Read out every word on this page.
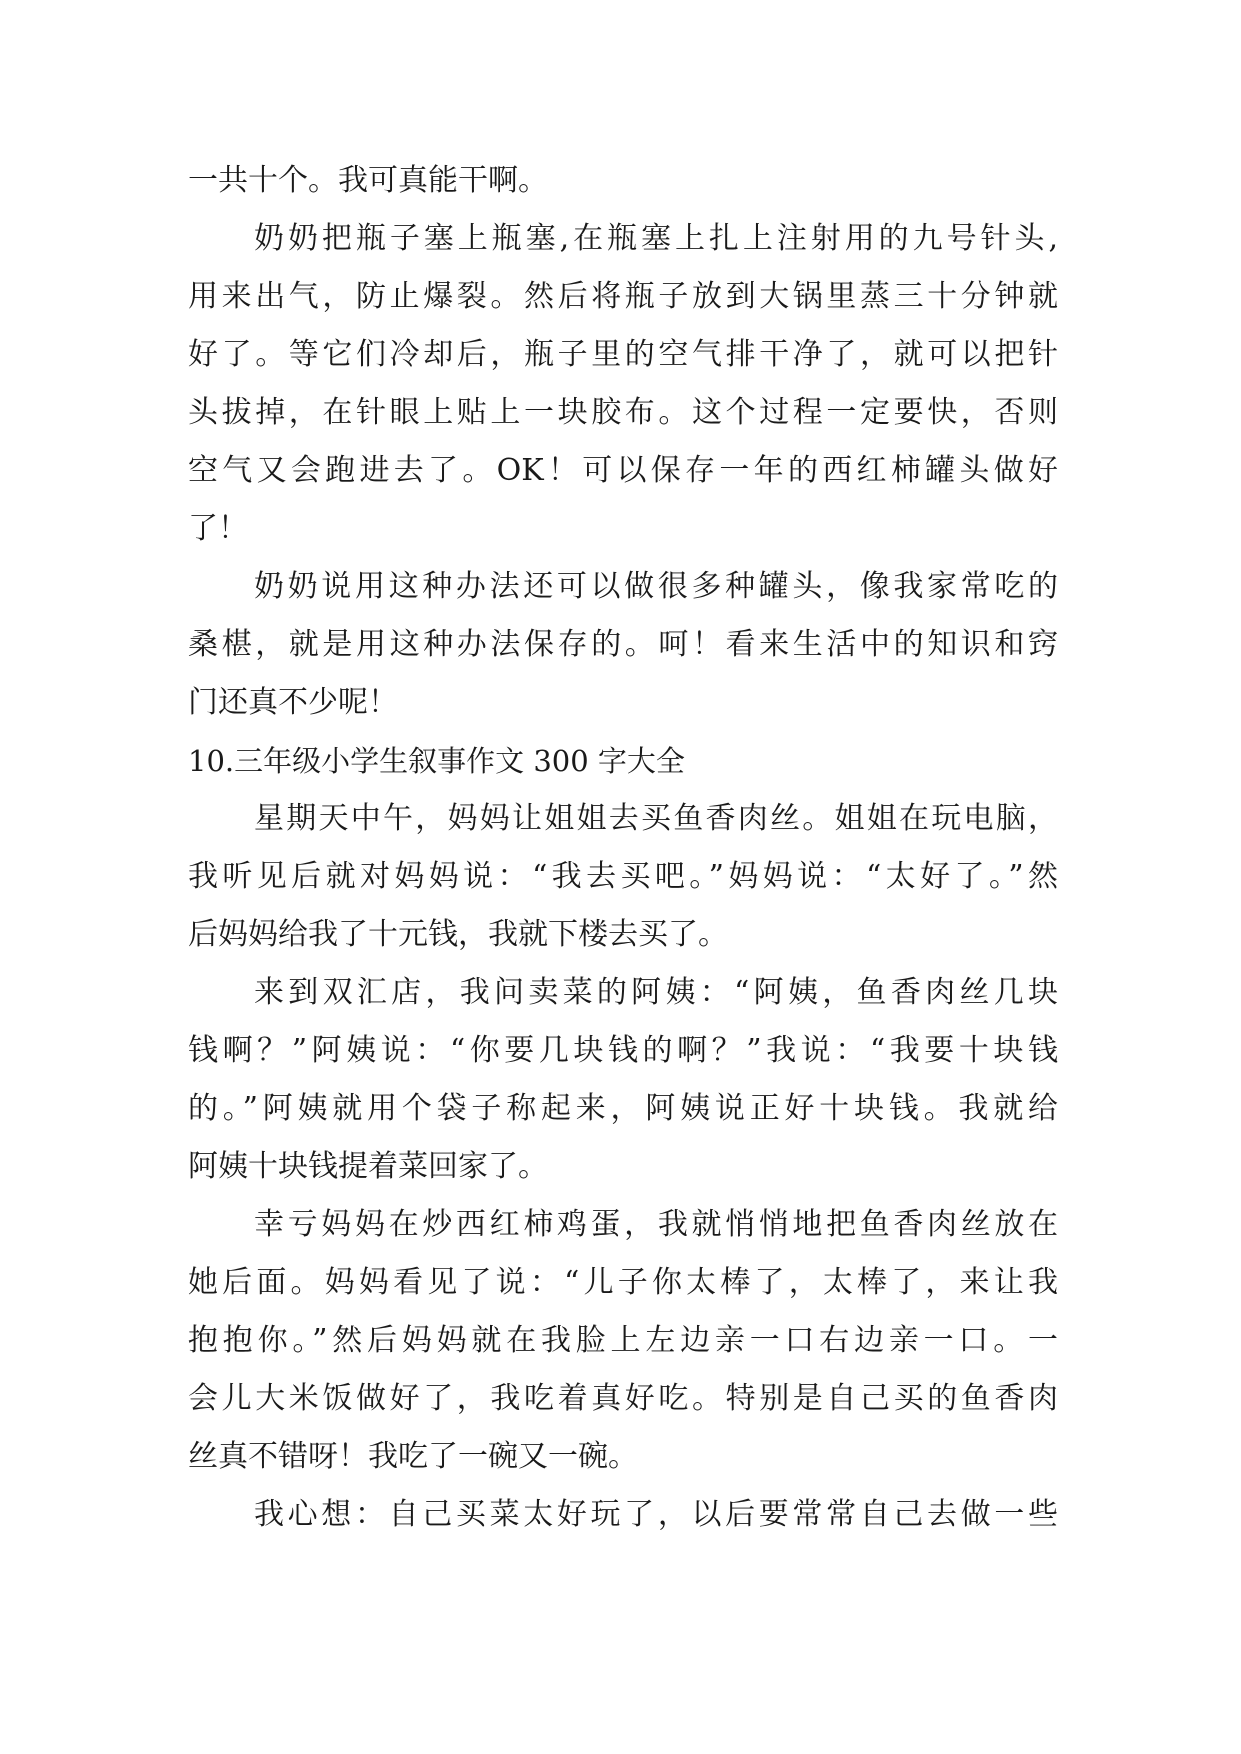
一共十个。我可真能干啊。
奶奶把瓶子塞上瓶塞,在瓶塞上扎上注射用的九号针头,
用来出气，防止爆裂。然后将瓶子放到大锅里蒸三十分钟就
好了。等它们冷却后，瓶子里的空气排干净了，就可以把针
头拔掉，在针眼上贴上一块胶布。这个过程一定要快，否则
空气又会跑进去了。OK！可以保存一年的西红柿罐头做好
了！
奶奶说用这种办法还可以做很多种罐头，像我家常吃的
桑椹，就是用这种办法保存的。呵！看来生活中的知识和窍
门还真不少呢！
10.三年级小学生叙事作文 300 字大全
星期天中午，妈妈让姐姐去买鱼香肉丝。姐姐在玩电脑，
我听见后就对妈妈说：“我去买吧。”妈妈说：“太好了。”然
后妈妈给我了十元钱，我就下楼去买了。
来到双汇店，我问卖菜的阿姨：“阿姨，鱼香肉丝几块
钱啊？”阿姨说：“你要几块钱的啊？”我说：“我要十块钱
的。”阿姨就用个袋子称起来，阿姨说正好十块钱。我就给
阿姨十块钱提着菜回家了。
幸亏妈妈在炒西红柿鸡蛋，我就悄悄地把鱼香肉丝放在
她后面。妈妈看见了说：“儿子你太棒了，太棒了，来让我
抱抱你。”然后妈妈就在我脸上左边亲一口右边亲一口。一
会儿大米饭做好了，我吃着真好吃。特别是自己买的鱼香肉
丝真不错呀！我吃了一碗又一碗。
我心想：自己买菜太好玩了，以后要常常自己去做一些
